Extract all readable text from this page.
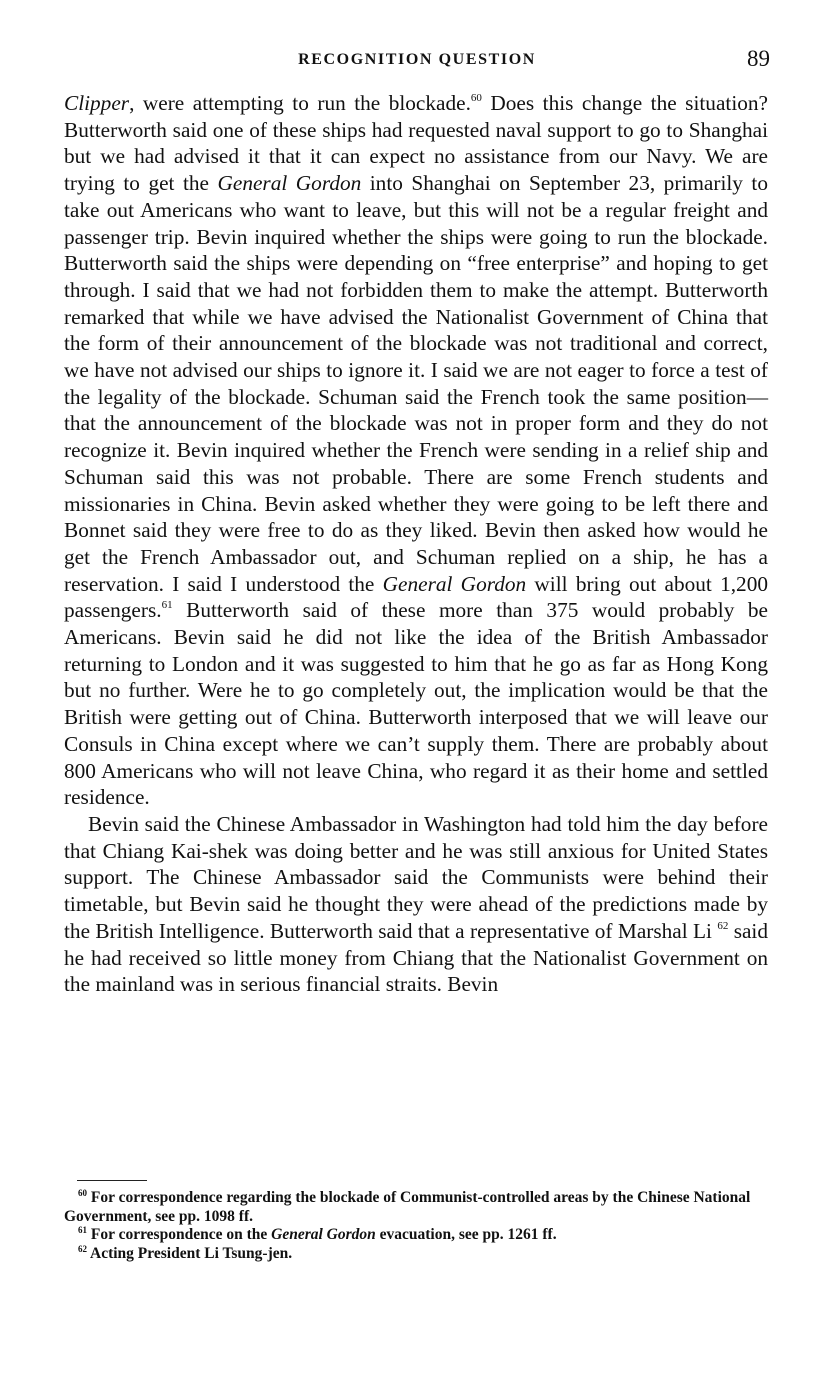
RECOGNITION QUESTION	89

Clipper, were attempting to run the blockade.$^{60}$ Does this change the situation? Butterworth said one of these ships had requested naval support to go to Shanghai but we had advised it that it can expect no assistance from our Navy. We are trying to get the General Gordon into Shanghai on September 23, primarily to take out Americans who want to leave, but this will not be a regular freight and passenger trip. Bevin inquired whether the ships were going to run the blockade. Butterworth said the ships were depending on “free enterprise” and hoping to get through. I said that we had not forbidden them to make the attempt. Butterworth remarked that while we have advised the Nationalist Government of China that the form of their announcement of the blockade was not traditional and correct, we have not advised our ships to ignore it. I said we are not eager to force a test of the legality of the blockade. Schuman said the French took the same position—that the announcement of the blockade was not in proper form and they do not recognize it. Bevin inquired whether the French were sending in a relief ship and Schuman said this was not probable. There are some French students and missionaries in China. Bevin asked whether they were going to be left there and Bonnet said they were free to do as they liked. Bevin then asked how would he get the French Ambassador out, and Schuman replied on a ship, he has a reservation. I said I understood the General Gordon will bring out about 1,200 passengers.$^{61}$ Butterworth said of these more than 375 would probably be Americans. Bevin said he did not like the idea of the British Ambassador returning to London and it was suggested to him that he go as far as Hong Kong but no further. Were he to go completely out, the implication would be that the British were getting out of China. Butterworth interposed that we will leave our Consuls in China except where we can’t supply them. There are probably about 800 Americans who will not leave China, who regard it as their home and settled residence.

Bevin said the Chinese Ambassador in Washington had told him the day before that Chiang Kai-shek was doing better and he was still anxious for United States support. The Chinese Ambassador said the Communists were behind their timetable, but Bevin said he thought they were ahead of the predictions made by the British Intelligence. Butterworth said that a representative of Marshal Li $^{62}$ said he had received so little money from Chiang that the Nationalist Government on the mainland was in serious financial straits. Bevin

$^{60}$ For correspondence regarding the blockade of Communist-controlled areas by the Chinese National Government, see pp. 1098 ff.

$^{61}$ For correspondence on the General Gordon evacuation, see pp. 1261 ff.

$^{62}$ Acting President Li Tsung-jen.
